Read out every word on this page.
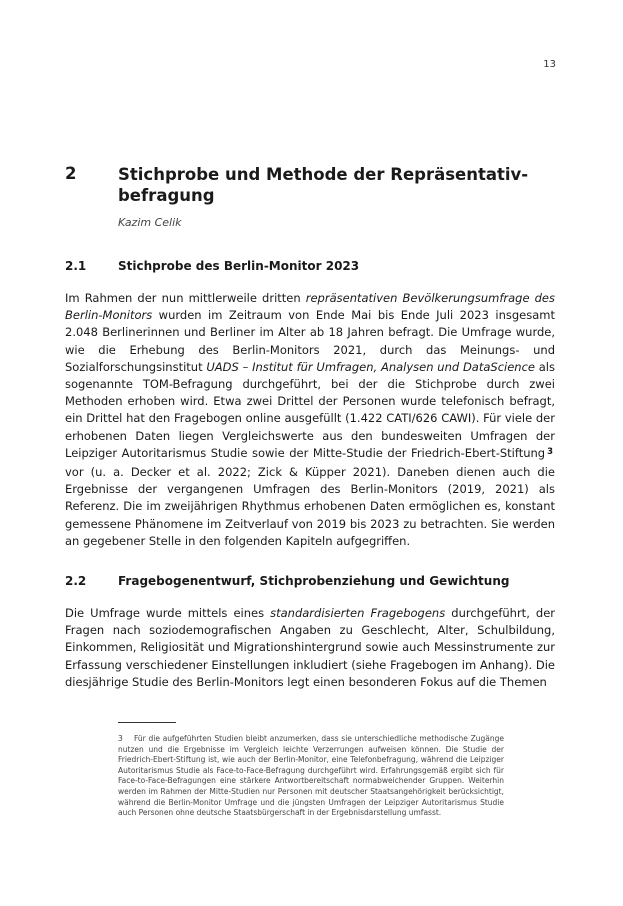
13
2	Stichprobe und Methode der Repräsentativ-befragung
Kazim Celik
2.1	Stichprobe des Berlin-Monitor 2023

Im Rahmen der nun mittlerweile dritten repräsentativen Bevölkerungsumfrage des Berlin-Monitors wurden im Zeitraum von Ende Mai bis Ende Juli 2023 insgesamt 2.048 Berlinerinnen und Berliner im Alter ab 18 Jahren befragt. Die Umfrage wurde, wie die Erhebung des Berlin-Monitors 2021, durch das Meinungs- und Sozialforschungsinstitut UADS – Institut für Umfragen, Analysen und DataScience als sogenannte TOM-Befragung durchgeführt, bei der die Stichprobe durch zwei Methoden erhoben wird. Etwa zwei Drittel der Personen wurde telefonisch befragt, ein Drittel hat den Fragebogen online ausgefüllt (1.422 CATI/626 CAWI). Für viele der erhobenen Daten liegen Vergleichswerte aus den bundesweiten Umfragen der Leipziger Autoritarismus Studie sowie der Mitte-Studie der Friedrich-Ebert-Stiftung $^3$ vor (u. a. Decker et al. 2022; Zick & Küpper 2021). Daneben dienen auch die Ergebnisse der vergangenen Umfragen des Berlin-Monitors (2019, 2021) als Referenz. Die im zweijährigen Rhythmus erhobenen Daten ermöglichen es, konstant gemessene Phänomene im Zeitverlauf von 2019 bis 2023 zu betrachten. Sie werden an gegebener Stelle in den folgenden Kapiteln aufgegriffen.

2.2	Fragebogenentwurf, Stichprobenziehung und Gewichtung

Die Umfrage wurde mittels eines standardisierten Fragebogens durchgeführt, der Fragen nach soziodemografischen Angaben zu Geschlecht, Alter, Schulbildung, Einkommen, Religiosität und Migrationshintergrund sowie auch Messinstrumente zur Erfassung verschiedener Einstellungen inkludiert (siehe Fragebogen im Anhang). Die diesjährige Studie des Berlin-Monitors legt einen besonderen Fokus auf die Themen

3 Für die aufgeführten Studien bleibt anzumerken, dass sie unterschiedliche methodische Zugänge nutzen und die Ergebnisse im Vergleich leichte Verzerrungen aufweisen können. Die Studie der Friedrich-Ebert-Stiftung ist, wie auch der Berlin-Monitor, eine Telefonbefragung, während die Leipziger Autoritarismus Studie als Face-to-Face-Befragung durchgeführt wird. Erfahrungsgemäß ergibt sich für Face-to-Face-Befragungen eine stärkere Antwortbereitschaft normabweichender Gruppen. Weiterhin werden im Rahmen der Mitte-Studien nur Personen mit deutscher Staatsangehörigkeit berücksichtigt, während die Berlin-Monitor Umfrage und die jüngsten Umfragen der Leipziger Autoritarismus Studie auch Personen ohne deutsche Staatsbürgerschaft in der Ergebnisdarstellung umfasst.
